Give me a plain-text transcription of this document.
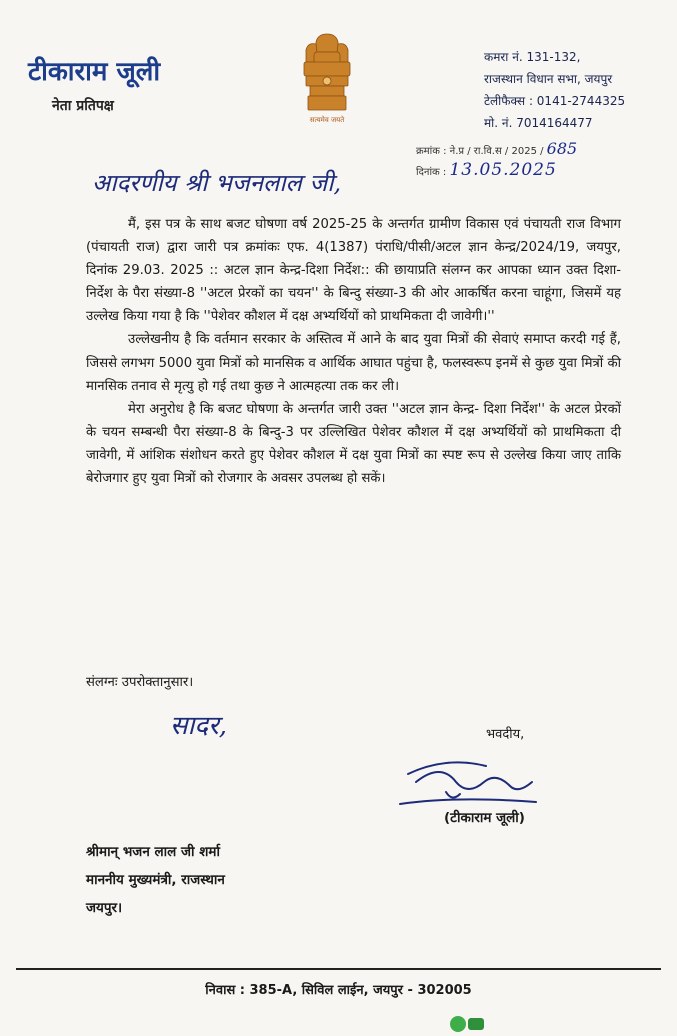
टीकाराम जूली
नेता प्रतिपक्ष
सत्यमेव जयते
कमरा नं. 131-132,
राजस्थान विधान सभा, जयपुर
टेलीफैक्स : 0141-2744325
मो. नं. 7014164477
क्रमांक : ने.प्र / रा.वि.स / 2025 / 685
दिनांक : 13.05.2025
आदरणीय श्री भजनलाल जी,

मैं, इस पत्र के साथ बजट घोषणा वर्ष 2025-25 के अन्तर्गत ग्रामीण विकास एवं पंचायती राज विभाग (पंचायती राज) द्वारा जारी पत्र क्रमांकः एफ. 4(1387) पंराधि/पीसी/अटल ज्ञान केन्द्र/2024/19, जयपुर, दिनांक 29.03. 2025 :: अटल ज्ञान केन्द्र-दिशा निर्देश:: की छायाप्रति संलग्न कर आपका ध्यान उक्त दिशा-निर्देश के पैरा संख्या-8 ''अटल प्रेरकों का चयन'' के बिन्दु संख्या-3 की ओर आकर्षित करना चाहूंगा, जिसमें यह उल्लेख किया गया है कि ''पेशेवर कौशल में दक्ष अभ्यर्थियों को प्राथमिकता दी जावेगी।''

उल्लेखनीय है कि वर्तमान सरकार के अस्तित्व में आने के बाद युवा मित्रों की सेवाएं समाप्त करदी गई हैं, जिससे लगभग 5000 युवा मित्रों को मानसिक व आर्थिक आघात पहुंचा है, फलस्वरूप इनमें से कुछ युवा मित्रों की मानसिक तनाव से मृत्यु हो गई तथा कुछ ने आत्महत्या तक कर ली।

मेरा अनुरोध है कि बजट घोषणा के अन्तर्गत जारी उक्त ''अटल ज्ञान केन्द्र- दिशा निर्देश'' के अटल प्रेरकों के चयन सम्बन्धी पैरा संख्या-8 के बिन्दु-3 पर उल्लिखित पेशेवर कौशल में दक्ष अभ्यर्थियों को प्राथमिकता दी जावेगी, में आंशिक संशोधन करते हुए पेशेवर कौशल में दक्ष युवा मित्रों का स्पष्ट रूप से उल्लेख किया जाए ताकि बेरोजगार हुए युवा मित्रों को रोजगार के अवसर उपलब्ध हो सकें।

संलग्नः उपरोक्तानुसार।
सादर,	भवदीय,
(टीकाराम जूली)
श्रीमान् भजन लाल जी शर्मा
माननीय मुख्यमंत्री, राजस्थान
जयपुर।
निवास : 385-A, सिविल लाईन, जयपुर - 302005
